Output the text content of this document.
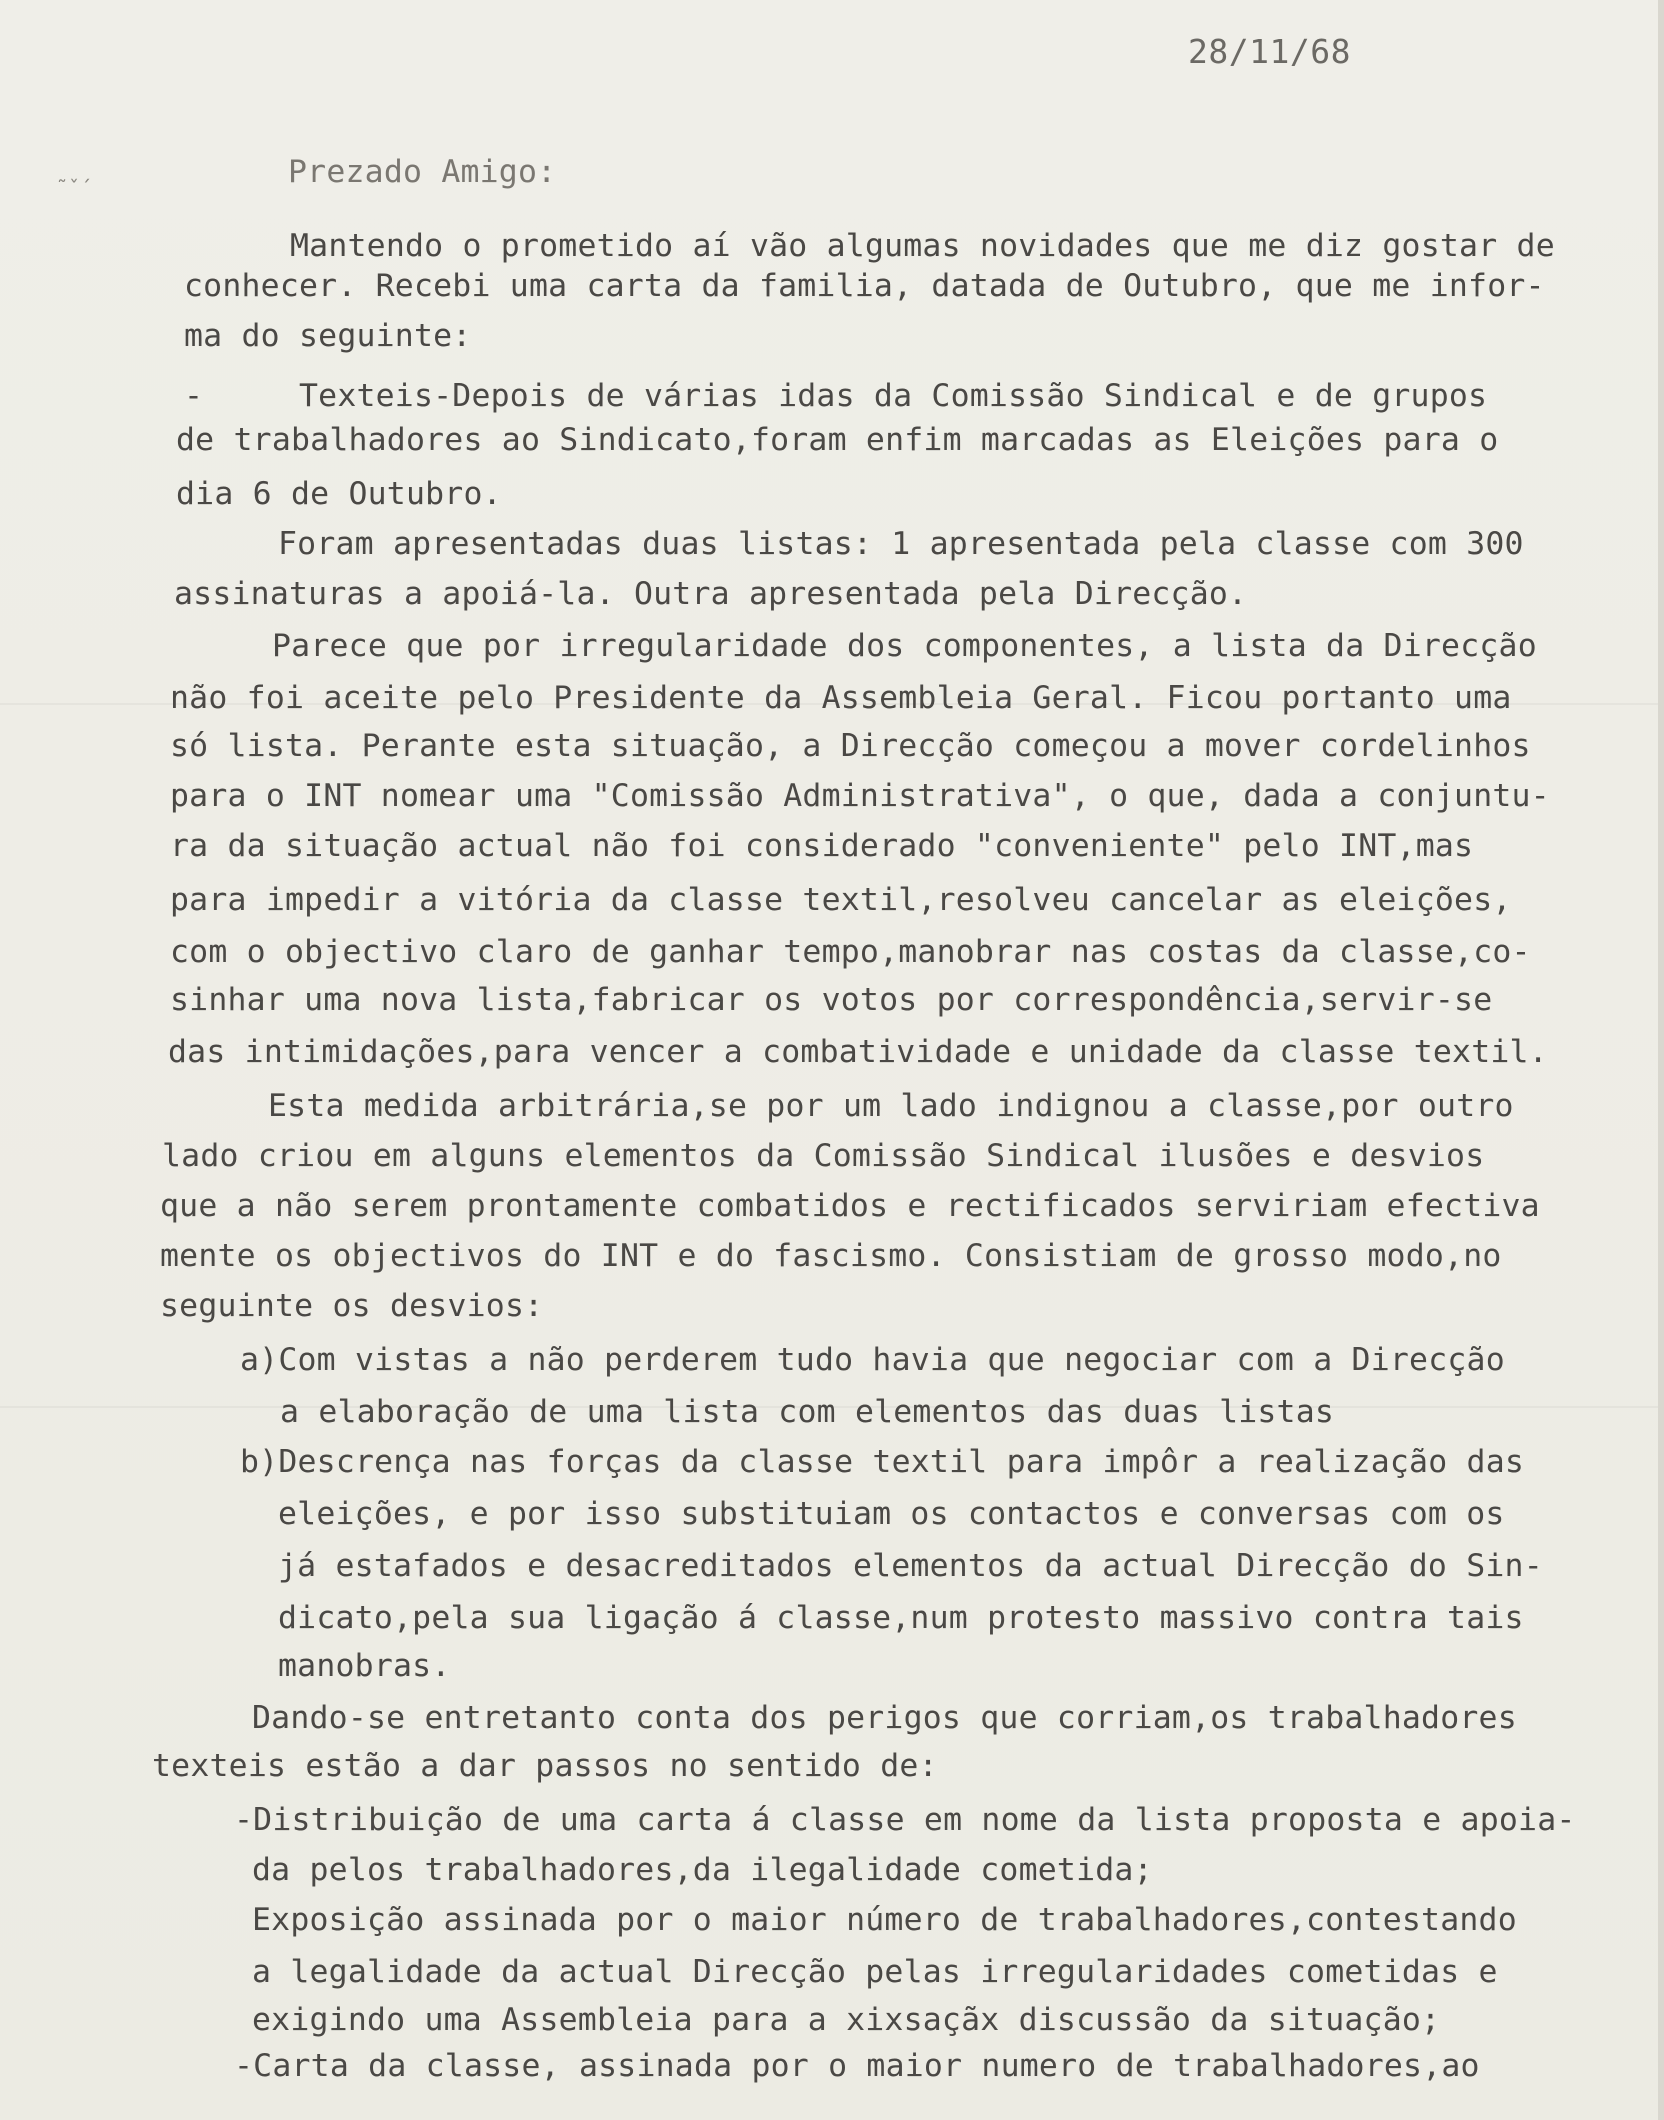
˜ˇ´
28/11/68
Prezado Amigo:
Mantendo o prometido aí vão algumas novidades que me diz gostar de
conhecer. Recebi uma carta da familia, datada de Outubro, que me infor-
ma do seguinte:
-     Texteis-Depois de várias idas da Comissão Sindical e de grupos
de trabalhadores ao Sindicato,foram enfim marcadas as Eleições para o
dia 6 de Outubro.
Foram apresentadas duas listas: 1 apresentada pela classe com 300
assinaturas a apoiá-la. Outra apresentada pela Direcção.
Parece que por irregularidade dos componentes, a lista da Direcção
não foi aceite pelo Presidente da Assembleia Geral. Ficou portanto uma
só lista. Perante esta situação, a Direcção começou a mover cordelinhos
para o INT nomear uma "Comissão Administrativa", o que, dada a conjuntu-
ra da situação actual não foi considerado "conveniente" pelo INT,mas
para impedir a vitória da classe textil,resolveu cancelar as eleições,
com o objectivo claro de ganhar tempo,manobrar nas costas da classe,co-
sinhar uma nova lista,fabricar os votos por correspondência,servir-se
das intimidações,para vencer a combatividade e unidade da classe textil.
Esta medida arbitrária,se por um lado indignou a classe,por outro
lado criou em alguns elementos da Comissão Sindical ilusões e desvios
que a não serem prontamente combatidos e rectificados serviriam efectiva
mente os objectivos do INT e do fascismo. Consistiam de grosso modo,no
seguinte os desvios:
a)Com vistas a não perderem tudo havia que negociar com a Direcção
a elaboração de uma lista com elementos das duas listas
b)Descrença nas forças da classe textil para impôr a realização das
eleições, e por isso substituiam os contactos e conversas com os
já estafados e desacreditados elementos da actual Direcção do Sin-
dicato,pela sua ligação á classe,num protesto massivo contra tais
manobras.
Dando-se entretanto conta dos perigos que corriam,os trabalhadores
texteis estão a dar passos no sentido de:
-Distribuição de uma carta á classe em nome da lista proposta e apoia-
da pelos trabalhadores,da ilegalidade cometida;
Exposição assinada por o maior número de trabalhadores,contestando
a legalidade da actual Direcção pelas irregularidades cometidas e
exigindo uma Assembleia para a xixsaçãx discussão da situação;
-Carta da classe, assinada por o maior numero de trabalhadores,ao
